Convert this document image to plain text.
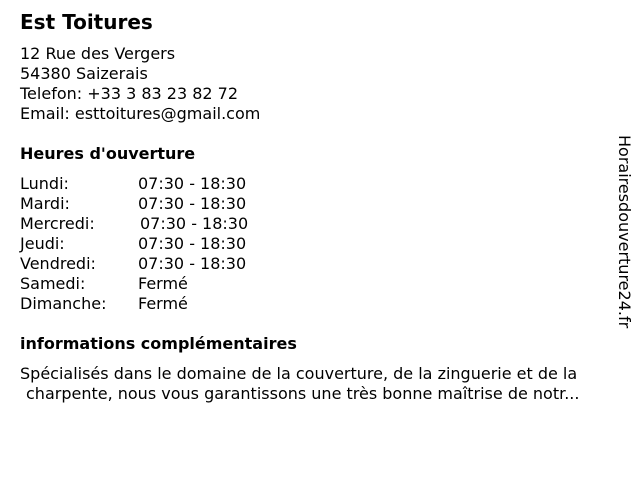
Est Toitures
12 Rue des Vergers
54380 Saizerais
Telefon: +33 3 83 23 82 72
Email: esttoitures@gmail.com
Heures d'ouverture
Lundi:	07:30 - 18:30
Mardi:	07:30 - 18:30
Mercredi:	07:30 - 18:30
Jeudi:	07:30 - 18:30
Vendredi:	07:30 - 18:30
Samedi:	Fermé
Dimanche: Fermé
informations complémentaires
Spécialisés dans le domaine de la couverture, de la zinguerie et de la
charpente, nous vous garantissons une très bonne maîtrise de notr...
Horairesdouverture24.fr
